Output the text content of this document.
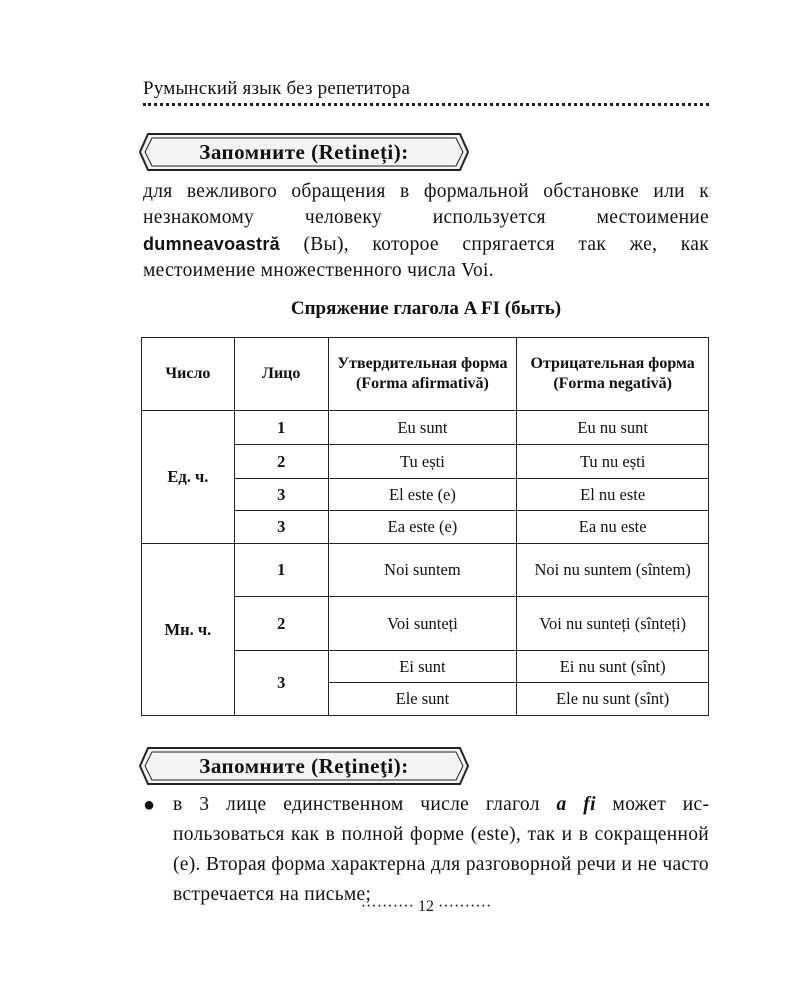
Румынский язык без репетитора
Запомните (Retineți):

для вежливого обращения в формальной обстановке или к незнакомому человеку используется местоимение dumneavoastră (Вы), которое спрягается так же, как местоимение множественного числа Voi.

Спряжение глагола A FI (быть)
Число	Лицо	Утвердительная форма (Forma afirmativă)	Отрицательная форма (Forma negativă)
Ед. ч.	1	Eu sunt	Eu nu sunt
	2	Tu ești	Tu nu ești
	3	El este (e)	El nu este
	3	Ea este (e)	Ea nu este
Мн. ч.	1	Noi suntem	Noi nu suntem (sîntem)
	2	Voi sunteți	Voi nu sunteți (sînteți)
	3	Ei sunt	Ei nu sunt (sînt)
		Ele sunt	Ele nu sunt (sînt)
Запомните (Reţineţi):
● в 3 лице единственном числе глагол a fi может использоваться как в полной форме (este), так и в сокращенной (е). Вторая форма характерна для разговорной речи и не часто встречается на письме;

·········· 12 ··········
